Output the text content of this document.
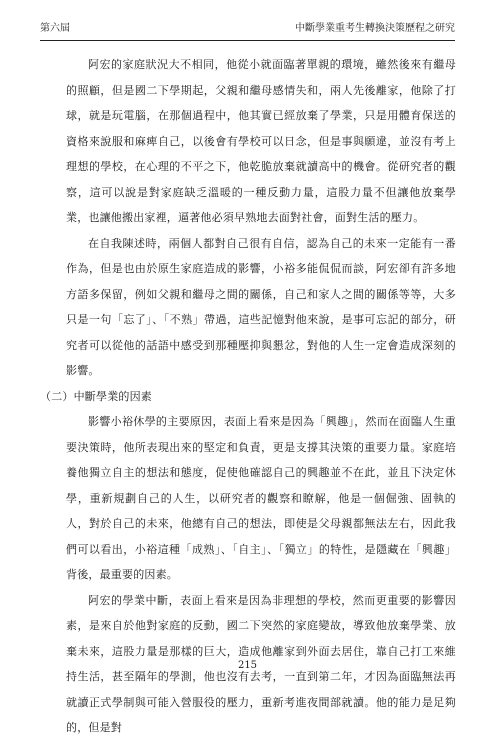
第六屆	中斷學業重考生轉換決策歷程之研究

阿宏的家庭狀況大不相同，他從小就面臨著單親的環境，雖然後來有繼母的照顧，但是國二下學期起，父親和繼母感情失和，兩人先後離家，他除了打球，就是玩電腦，在那個過程中，他其實已經放棄了學業，只是用體育保送的資格來說服和麻痺自己，以後會有學校可以日念，但是事與願違，並沒有考上理想的學校，在心理的不平之下，他乾脆放棄就讀高中的機會。從研究者的觀察，這可以說是對家庭缺乏溫暖的一種反動力量，這股力量不但讓他放棄學業，也讓他搬出家裡，逼著他必須早熟地去面對社會，面對生活的壓力。

在自我陳述時，兩個人都對自己很有自信，認為自己的未來一定能有一番作為，但是也由於原生家庭造成的影響，小裕多能侃侃而談，阿宏卻有許多地方語多保留，例如父親和繼母之間的關係，自己和家人之間的關係等等，大多只是一句「忘了」、「不熟」帶過，這些記憶對他來說，是事可忘記的部分，研究者可以從他的話語中感受到那種壓抑與懇忿，對他的人生一定會造成深刻的影響。

（二）中斷學業的因素

影響小裕休學的主要原因，表面上看來是因為「興趣」，然而在面臨人生重要決策時，他所表現出來的堅定和負責，更是支撐其決策的重要力量。家庭培養他獨立自主的想法和態度，促使他確認自己的興趣並不在此，並且下決定休學，重新規劃自己的人生，以研究者的觀察和瞭解，他是一個倔強、固執的人，對於自己的未來，他總有自己的想法，即使是父母親都無法左右，因此我們可以看出，小裕這種「成熟」、「自主」、「獨立」的特性，是隱藏在「興趣」背後，最重要的因素。

阿宏的學業中斷，表面上看來是因為非理想的學校，然而更重要的影響因素，是來自於他對家庭的反動，國二下突然的家庭變故，導致他放棄學業、放棄未來，這股力量是那樣的巨大，造成他離家到外面去居住，靠自己打工來維持生活，甚至隔年的學測，他也沒有去考，一直到第二年，才因為面臨無法再就讀正式學制與可能入營服役的壓力，重新考進夜間部就讀。他的能力是足夠的，但是對

215
